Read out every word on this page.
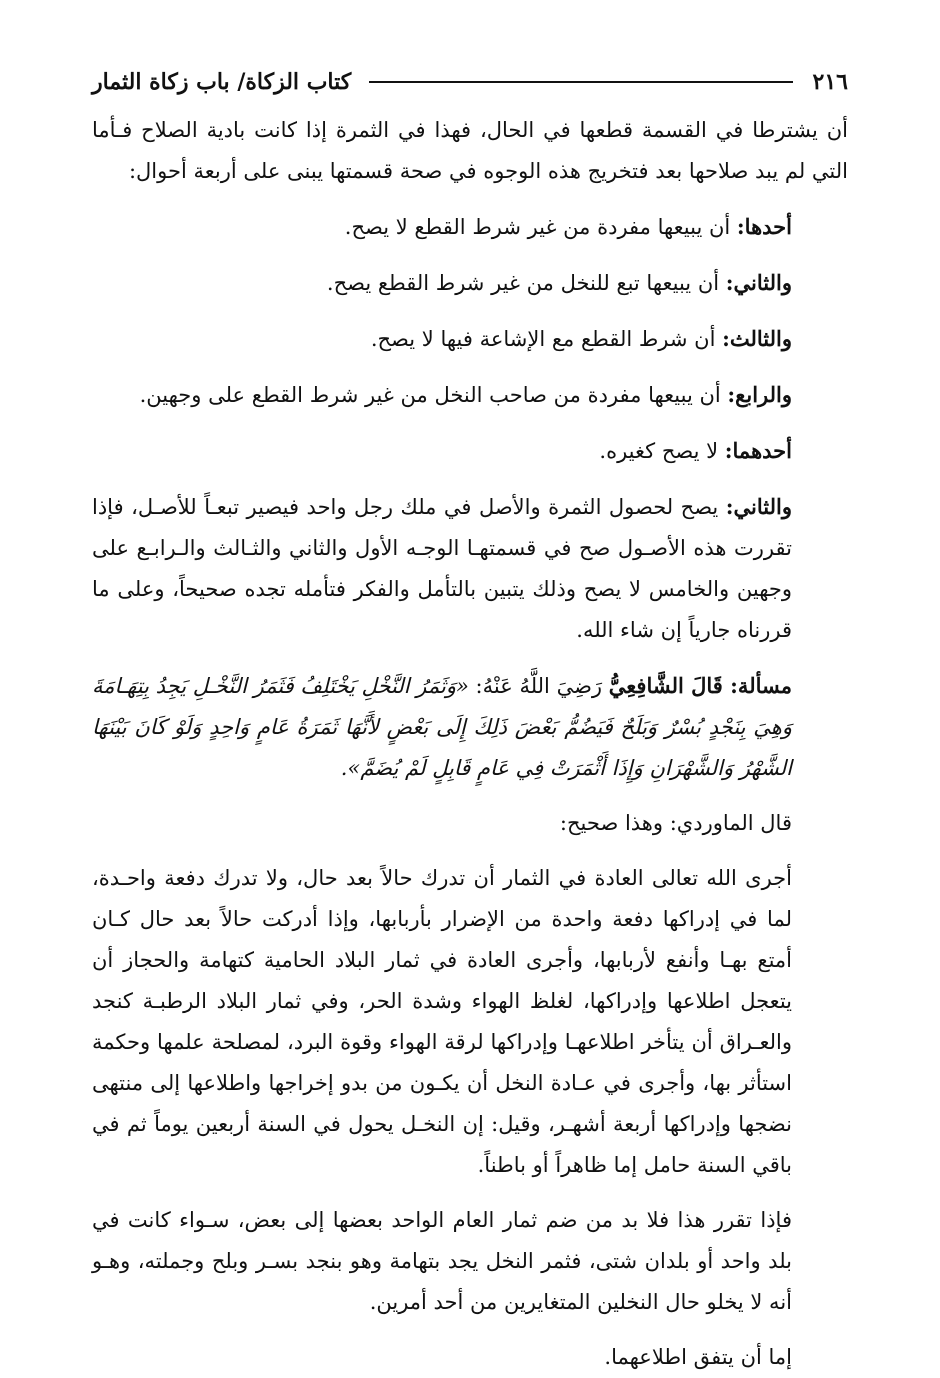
٢١٦
كتاب الزكاة/ باب زكاة الثمار

أن يشترطا في القسمة قطعها في الحال، فهذا في الثمرة إذا كانت بادية الصلاح فـأما التي لم يبد صلاحها بعد فتخريج هذه الوجوه في صحة قسمتها يبنى على أربعة أحوال:

أحدها: أن يبيعها مفردة من غير شرط القطع لا يصح.

والثاني: أن يبيعها تبع للنخل من غير شرط القطع يصح.

والثالث: أن شرط القطع مع الإشاعة فيها لا يصح.

والرابع: أن يبيعها مفردة من صاحب النخل من غير شرط القطع على وجهين.

أحدهما: لا يصح كغيره.

والثاني: يصح لحصول الثمرة والأصل في ملك رجل واحد فيصير تبعـاً للأصـل، فإذا تقررت هذه الأصـول صح في قسمتهـا الوجـه الأول والثاني والثـالث والـرابـع على وجهين والخامس لا يصح وذلك يتبين بالتأمل والفكر فتأمله تجده صحيحاً، وعلى ما قررناه جارياً إن شاء الله.

مسألة: قَالَ الشَّافِعِيُّ رَضِيَ اللَّهُ عَنْهُ: «وَثَمَرُ النَّخْلِ يَخْتَلِفُ فَثَمَرُ النَّخْـلِ يَجِدُ بِتِهَـامَةَ وَهِيَ بِنَجْدٍ بُسْرٌ وَبَلَحٌ فَيَضُمُّ بَعْضَ ذَلِكَ إِلَى بَعْضٍ لأَنَّهَا ثَمَرَةُ عَامٍ وَاحِدٍ وَلَوْ كَانَ بَيْنَهَا الشَّهْرُ وَالشَّهْرَانِ وَإِذَا أَثْمَرَتْ فِي عَامٍ قَابِلٍ لَمْ يُضَمَّ».

قال الماوردي: وهذا صحيح:

أجرى الله تعالى العادة في الثمار أن تدرك حالاً بعد حال، ولا تدرك دفعة واحـدة، لما في إدراكها دفعة واحدة من الإضرار بأربابها، وإذا أدركت حالاً بعد حال كـان أمتع بهـا وأنفع لأربابها، وأجرى العادة في ثمار البلاد الحامية كتهامة والحجاز أن يتعجل اطلاعها وإدراكها، لغلظ الهواء وشدة الحر، وفي ثمار البلاد الرطبـة كنجد والعـراق أن يتأخر اطلاعهـا وإدراكها لرقة الهواء وقوة البرد، لمصلحة علمها وحكمة استأثر بها، وأجرى في عـادة النخل أن يكـون من بدو إخراجها واطلاعها إلى منتهى نضجها وإدراكها أربعة أشهـر، وقيل: إن النخـل يحول في السنة أربعين يوماً ثم في باقي السنة حامل إما ظاهراً أو باطناً.

فإذا تقرر هذا فلا بد من ضم ثمار العام الواحد بعضها إلى بعض، سـواء كانت في بلد واحد أو بلدان شتى، فثمر النخل يجد بتهامة وهو بنجد بسـر وبلح وجملته، وهـو أنه لا يخلو حال النخلين المتغايرين من أحد أمرين.

إما أن يتفق اطلاعهما.
